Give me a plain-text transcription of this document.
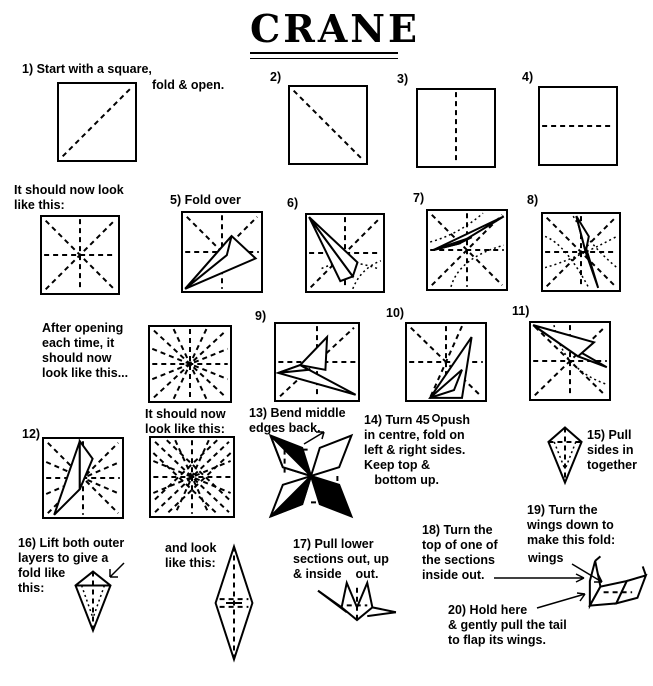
CRANE
1) Start with a square,
fold & open.
2)	3)	4)
It should now look
like this:	5) Fold over	6)	7)	8)
After opening
each time, it
should now
look like this...
9)	10)	11)
It should now
look like this:
12)
13) Bend middle
edges back.
14) Turn 45   push
in centre, fold on
left & right sides.
Keep top &
bottom up.
15) Pull
sides in
together
16) Lift both outer
layers to give a
fold like
this:
and look
like this:
17) Pull lower
sections out, up
& inside    out.
18) Turn the
top of one of
the sections
inside out.
19) Turn the
wings down to
make this fold:
wings
20) Hold here
& gently pull the tail
to flap its wings.
